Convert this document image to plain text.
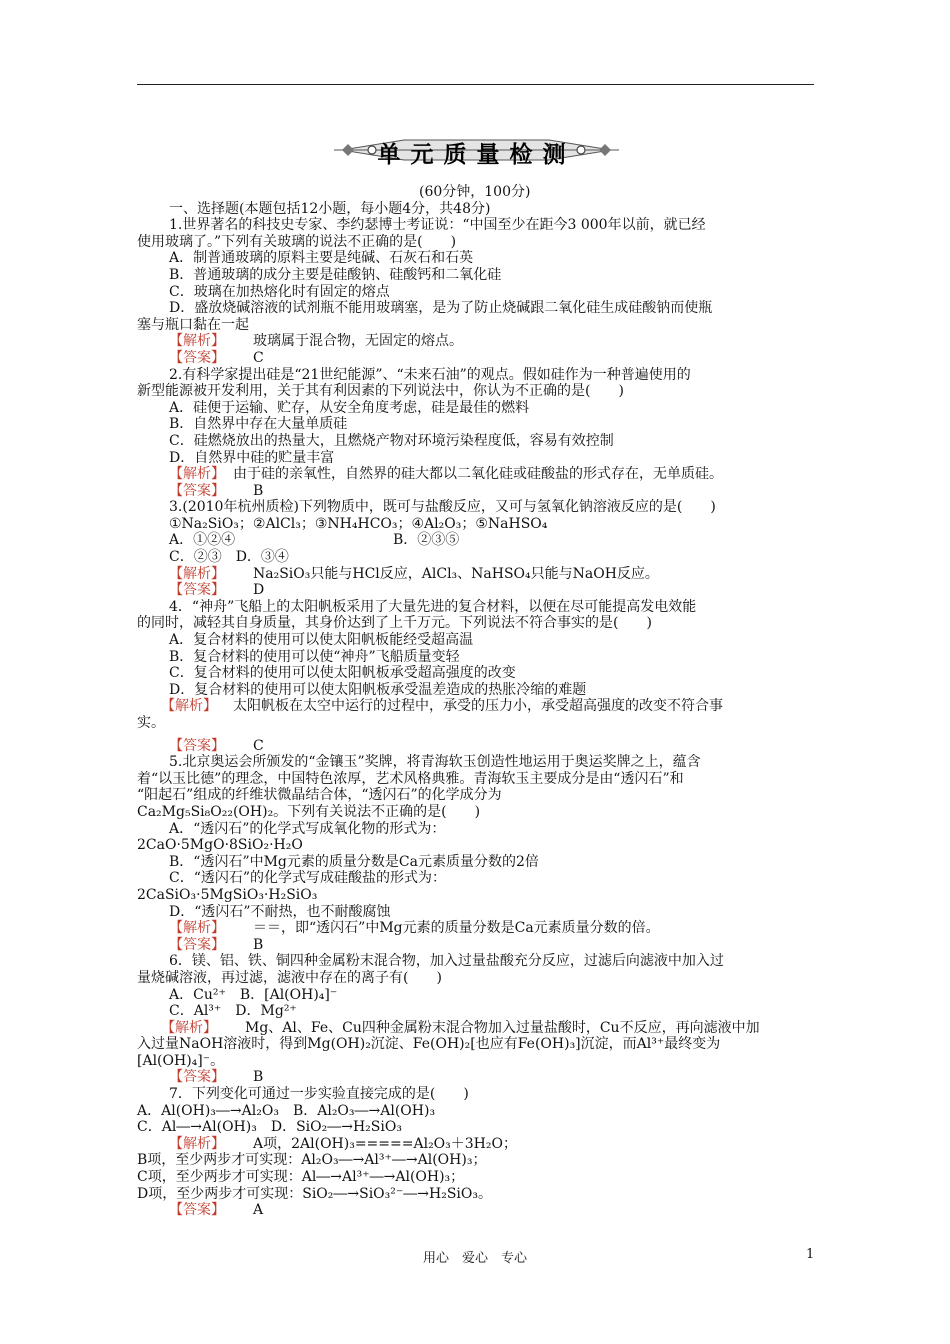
单元质量检测
(60分钟，100分)
一、选择题(本题包括12小题，每小题4分，共48分)
1.世界著名的科技史专家、李约瑟博士考证说：“中国至少在距今3 000年以前，就已经
使用玻璃了。”下列有关玻璃的说法不正确的是(　　)
A．制普通玻璃的原料主要是纯碱、石灰石和石英
B．普通玻璃的成分主要是硅酸钠、硅酸钙和二氧化硅
C．玻璃在加热熔化时有固定的熔点
D．盛放烧碱溶液的试剂瓶不能用玻璃塞，是为了防止烧碱跟二氧化硅生成硅酸钠而使瓶
塞与瓶口黏在一起
【解析】 玻璃属于混合物，无固定的熔点。
【答案】 C
2.有科学家提出硅是“21世纪能源”、“未来石油”的观点。假如硅作为一种普遍使用的
新型能源被开发利用，关于其有利因素的下列说法中，你认为不正确的是(　　)
A．硅便于运输、贮存，从安全角度考虑，硅是最佳的燃料
B．自然界中存在大量单质硅
C．硅燃烧放出的热量大，且燃烧产物对环境污染程度低，容易有效控制
D．自然界中硅的贮量丰富
【解析】 由于硅的亲氧性，自然界的硅大都以二氧化硅或硅酸盐的形式存在，无单质硅。
【答案】 B
3.(2010年杭州质检)下列物质中，既可与盐酸反应，又可与氢氧化钠溶液反应的是(　　)
①Na₂SiO₃；②AlCl₃；③NH₄HCO₃；④Al₂O₃；⑤NaHSO₄
A．①②④	B．②③⑤
C．②③　D．③④
【解析】 Na₂SiO₃只能与HCl反应，AlCl₃、NaHSO₄只能与NaOH反应。
【答案】 D
4．“神舟”飞船上的太阳帆板采用了大量先进的复合材料，以便在尽可能提高发电效能
的同时，减轻其自身质量，其身价达到了上千万元。下列说法不符合事实的是(　　)
A．复合材料的使用可以使太阳帆板能经受超高温
B．复合材料的使用可以使“神舟”飞船质量变轻
C．复合材料的使用可以使太阳帆板承受超高强度的改变
D．复合材料的使用可以使太阳帆板承受温差造成的热胀冷缩的难题
【解析】 太阳帆板在太空中运行的过程中，承受的压力小，承受超高强度的改变不符合事
实。
【答案】 C
5.北京奥运会所颁发的“金镶玉”奖牌，将青海软玉创造性地运用于奥运奖牌之上，蕴含
着“以玉比德”的理念，中国特色浓厚，艺术风格典雅。青海软玉主要成分是由“透闪石”和
“阳起石”组成的纤维状微晶结合体，“透闪石”的化学成分为
Ca₂Mg₅Si₈O₂₂(OH)₂。下列有关说法不正确的是(　　)
A．“透闪石”的化学式写成氧化物的形式为：
2CaO·5MgO·8SiO₂·H₂O
B．“透闪石”中Mg元素的质量分数是Ca元素质量分数的2倍
C．“透闪石”的化学式写成硅酸盐的形式为：
2CaSiO₃·5MgSiO₃·H₂SiO₃
D．“透闪石”不耐热，也不耐酸腐蚀
【解析】 ＝＝，即“透闪石”中Mg元素的质量分数是Ca元素质量分数的倍。
【答案】 B
6．镁、铝、铁、铜四种金属粉末混合物，加入过量盐酸充分反应，过滤后向滤液中加入过
量烧碱溶液，再过滤，滤液中存在的离子有(　　)
A．Cu²⁺　B．[Al(OH)₄]⁻
C．Al³⁺　D．Mg²⁺
【解析】 Mg、Al、Fe、Cu四种金属粉末混合物加入过量盐酸时，Cu不反应，再向滤液中加
入过量NaOH溶液时，得到Mg(OH)₂沉淀、Fe(OH)₂[也应有Fe(OH)₃]沉淀，而Al³⁺最终变为
[Al(OH)₄]⁻。
【答案】 B
7．下列变化可通过一步实验直接完成的是(　　)
A．Al(OH)₃―→Al₂O₃　B．Al₂O₃―→Al(OH)₃
C．Al―→Al(OH)₃　D．SiO₂―→H₂SiO₃
【解析】 A项，2Al(OH)₃=====Al₂O₃＋3H₂O；
B项，至少两步才可实现：Al₂O₃―→Al³⁺―→Al(OH)₃；
C项，至少两步才可实现：Al―→Al³⁺―→Al(OH)₃；
D项，至少两步才可实现：SiO₂―→SiO₃²⁻―→H₂SiO₃。
【答案】 A
用心　爱心　专心	1
